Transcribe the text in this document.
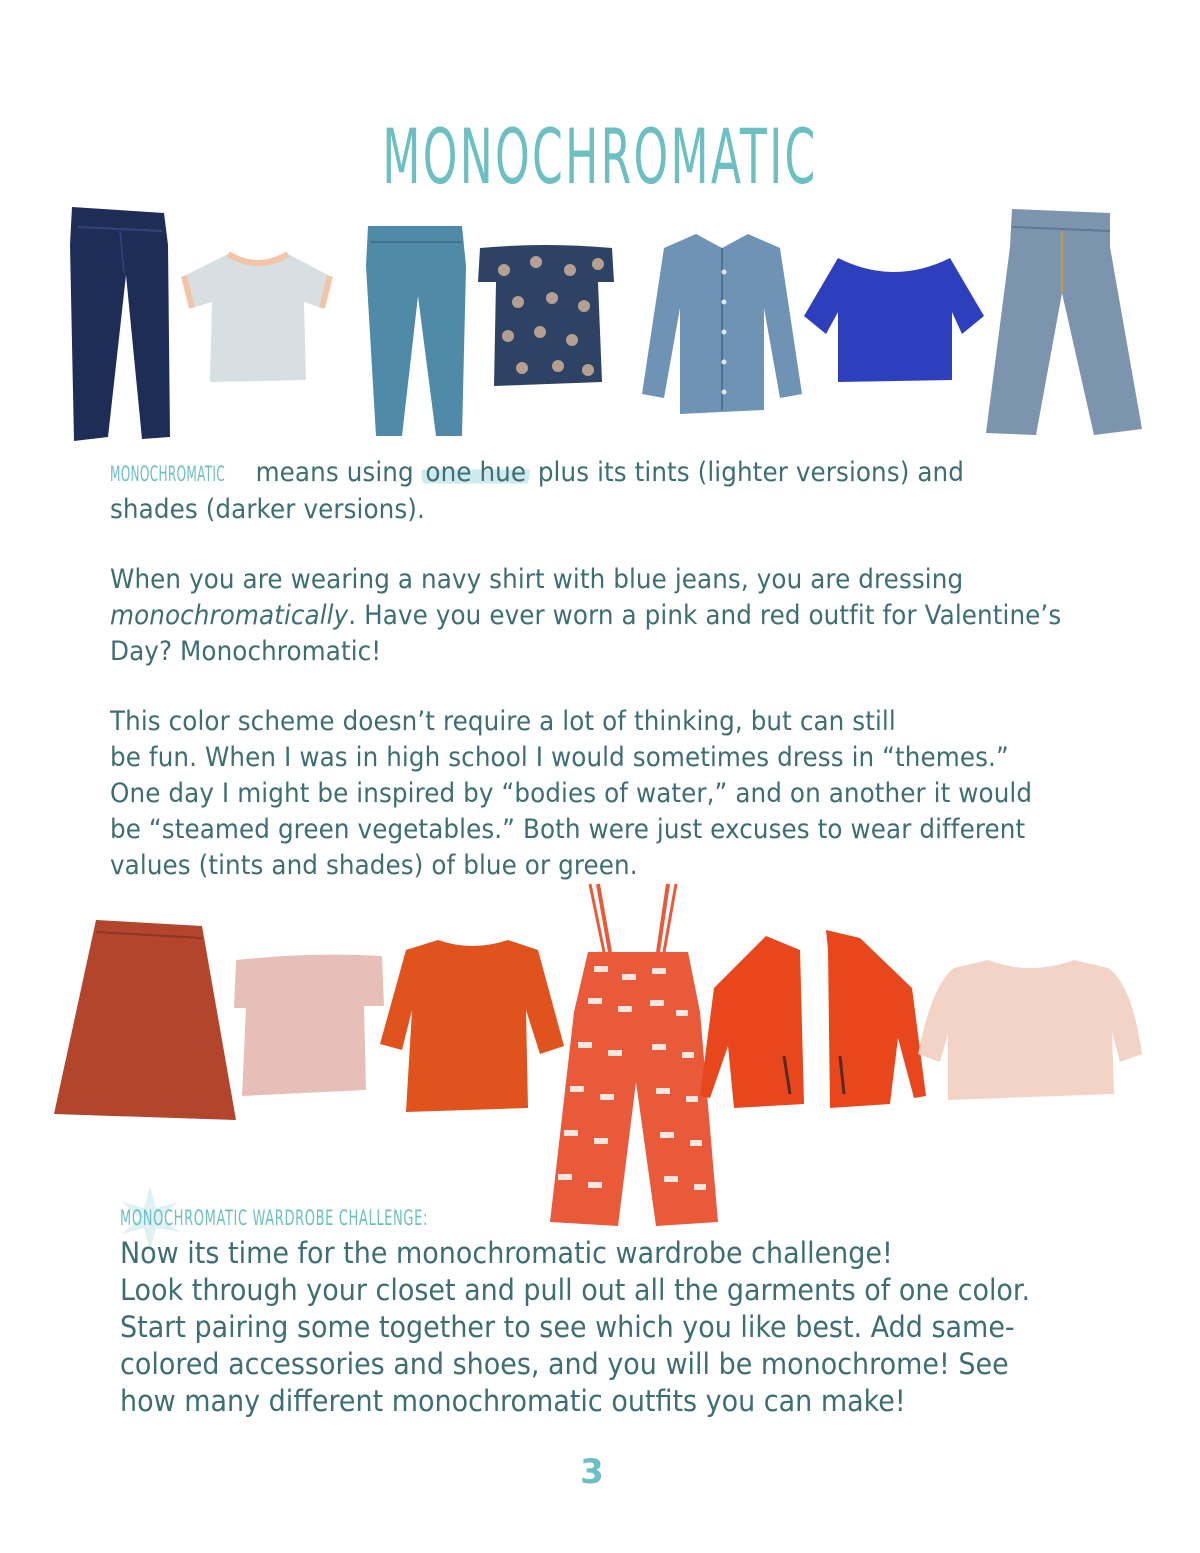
MONOCHROMATIC

MONOCHROMATIC means using one hue plus its tints (lighter versions) and

shades (darker versions).

When you are wearing a navy shirt with blue jeans, you are dressing

monochromatically. Have you ever worn a pink and red outfit for Valentine’s

Day? Monochromatic!

This color scheme doesn’t require a lot of thinking, but can still

be fun. When I was in high school I would sometimes dress in “themes.”

One day I might be inspired by “bodies of water,” and on another it would

be “steamed green vegetables.” Both were just excuses to wear different

values (tints and shades) of blue or green.

MONOCHROMATIC WARDROBE CHALLENGE:

Now its time for the monochromatic wardrobe challenge!

Look through your closet and pull out all the garments of one color.

Start pairing some together to see which you like best. Add same-

colored accessories and shoes, and you will be monochrome! See

how many different monochromatic outfits you can make!

3
